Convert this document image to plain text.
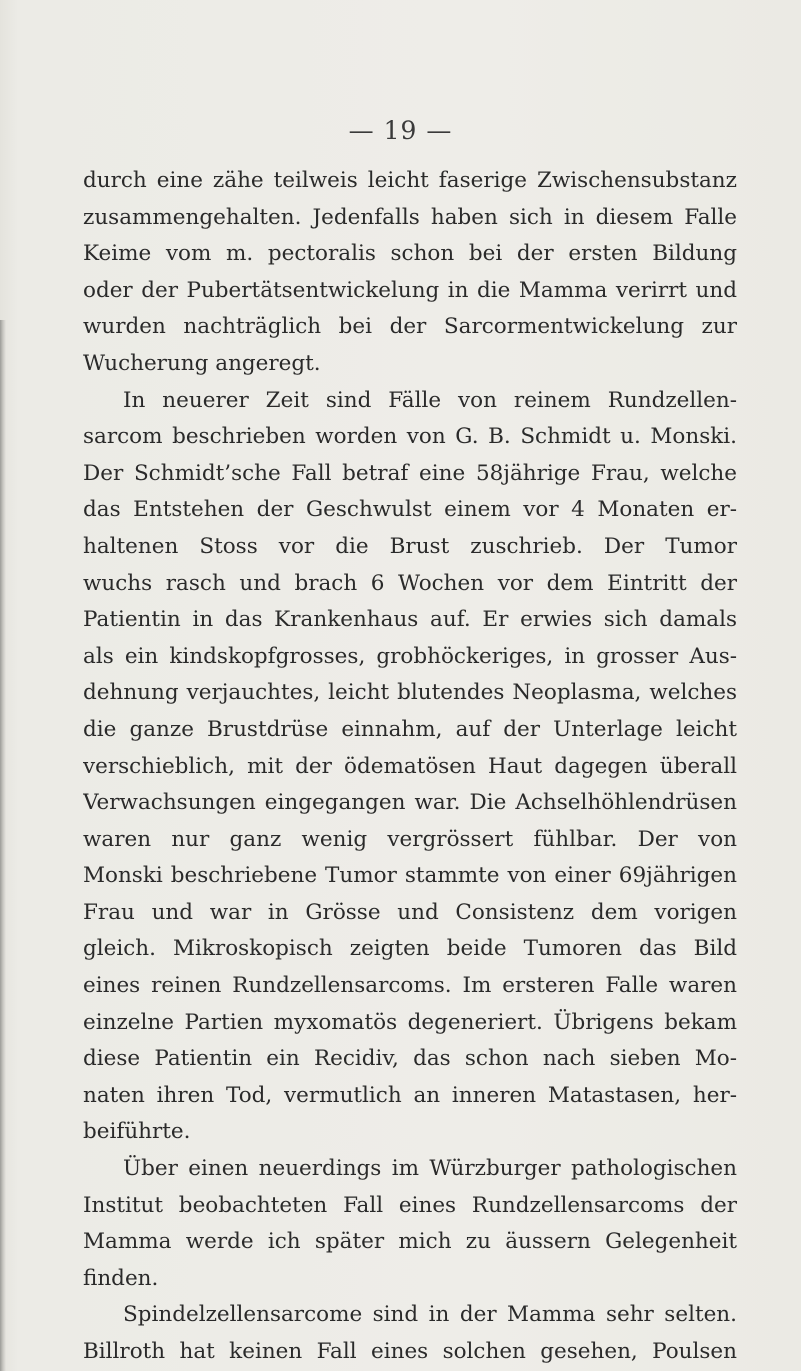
— 19 —
durch eine zähe teilweis leicht faserige Zwischensubstanz
zusammengehalten. Jedenfalls haben sich in diesem Falle
Keime vom m. pectoralis schon bei der ersten Bildung
oder der Pubertätsentwickelung in die Mamma verirrt und
wurden nachträglich bei der Sarcormentwickelung zur
Wucherung angeregt.
In neuerer Zeit sind Fälle von reinem Rundzellen-
sarcom beschrieben worden von G. B. Schmidt u. Monski.
Der Schmidt’sche Fall betraf eine 58jährige Frau, welche
das Entstehen der Geschwulst einem vor 4 Monaten er-
haltenen Stoss vor die Brust zuschrieb. Der Tumor
wuchs rasch und brach 6 Wochen vor dem Eintritt der
Patientin in das Krankenhaus auf. Er erwies sich damals
als ein kindskopfgrosses, grobhöckeriges, in grosser Aus-
dehnung verjauchtes, leicht blutendes Neoplasma, welches
die ganze Brustdrüse einnahm, auf der Unterlage leicht
verschieblich, mit der ödematösen Haut dagegen überall
Verwachsungen eingegangen war. Die Achselhöhlendrüsen
waren nur ganz wenig vergrössert fühlbar. Der von
Monski beschriebene Tumor stammte von einer 69jährigen
Frau und war in Grösse und Consistenz dem vorigen
gleich. Mikroskopisch zeigten beide Tumoren das Bild
eines reinen Rundzellensarcoms. Im ersteren Falle waren
einzelne Partien myxomatös degeneriert. Übrigens bekam
diese Patientin ein Recidiv, das schon nach sieben Mo-
naten ihren Tod, vermutlich an inneren Matastasen, her-
beiführte.
Über einen neuerdings im Würzburger pathologischen
Institut beobachteten Fall eines Rundzellensarcoms der
Mamma werde ich später mich zu äussern Gelegenheit
finden.
Spindelzellensarcome sind in der Mamma sehr selten.
Billroth hat keinen Fall eines solchen gesehen, Poulsen
